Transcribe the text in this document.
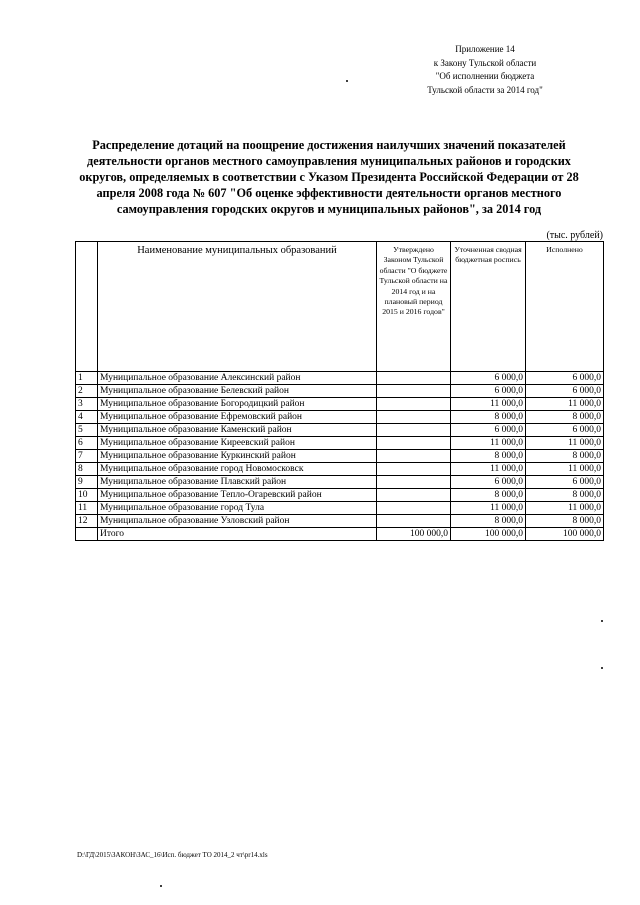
Приложение 14
к Закону Тульской области
"Об исполнении бюджета
Тульской области за 2014 год"
Распределение дотаций на поощрение достижения наилучших значений показателей деятельности органов местного самоуправления муниципальных районов и городских округов, определяемых в соответствии с Указом Президента Российской Федерации от 28 апреля 2008 года № 607 "Об оценке эффективности деятельности органов местного самоуправления городских округов и муниципальных районов", за 2014 год
(тыс. рублей)
	Наименование муниципальных образований	Утверждено Законом Тульской области "О бюджете Тульской области на 2014 год и на плановый период 2015 и 2016 годов"	Уточненная сводная бюджетная роспись	Исполнено
1	Муниципальное образование Алексинский район		6 000,0	6 000,0
2	Муниципальное образование Белевский район		6 000,0	6 000,0
3	Муниципальное образование Богородицкий район		11 000,0	11 000,0
4	Муниципальное образование Ефремовский район		8 000,0	8 000,0
5	Муниципальное образование Каменский район		6 000,0	6 000,0
6	Муниципальное образование Киреевский район		11 000,0	11 000,0
7	Муниципальное образование Куркинский район		8 000,0	8 000,0
8	Муниципальное образование город Новомосковск		11 000,0	11 000,0
9	Муниципальное образование Плавский район		6 000,0	6 000,0
10	Муниципальное образование Тепло-Огаревский район		8 000,0	8 000,0
11	Муниципальное образование город Тула		11 000,0	11 000,0
12	Муниципальное образование Узловский район		8 000,0	8 000,0
	Итого	100 000,0	100 000,0	100 000,0
D:\ГД\2015\ЗАКОН\ЗАС_16\Исп. бюджет ТО 2014_2 чт\pr14.xls
